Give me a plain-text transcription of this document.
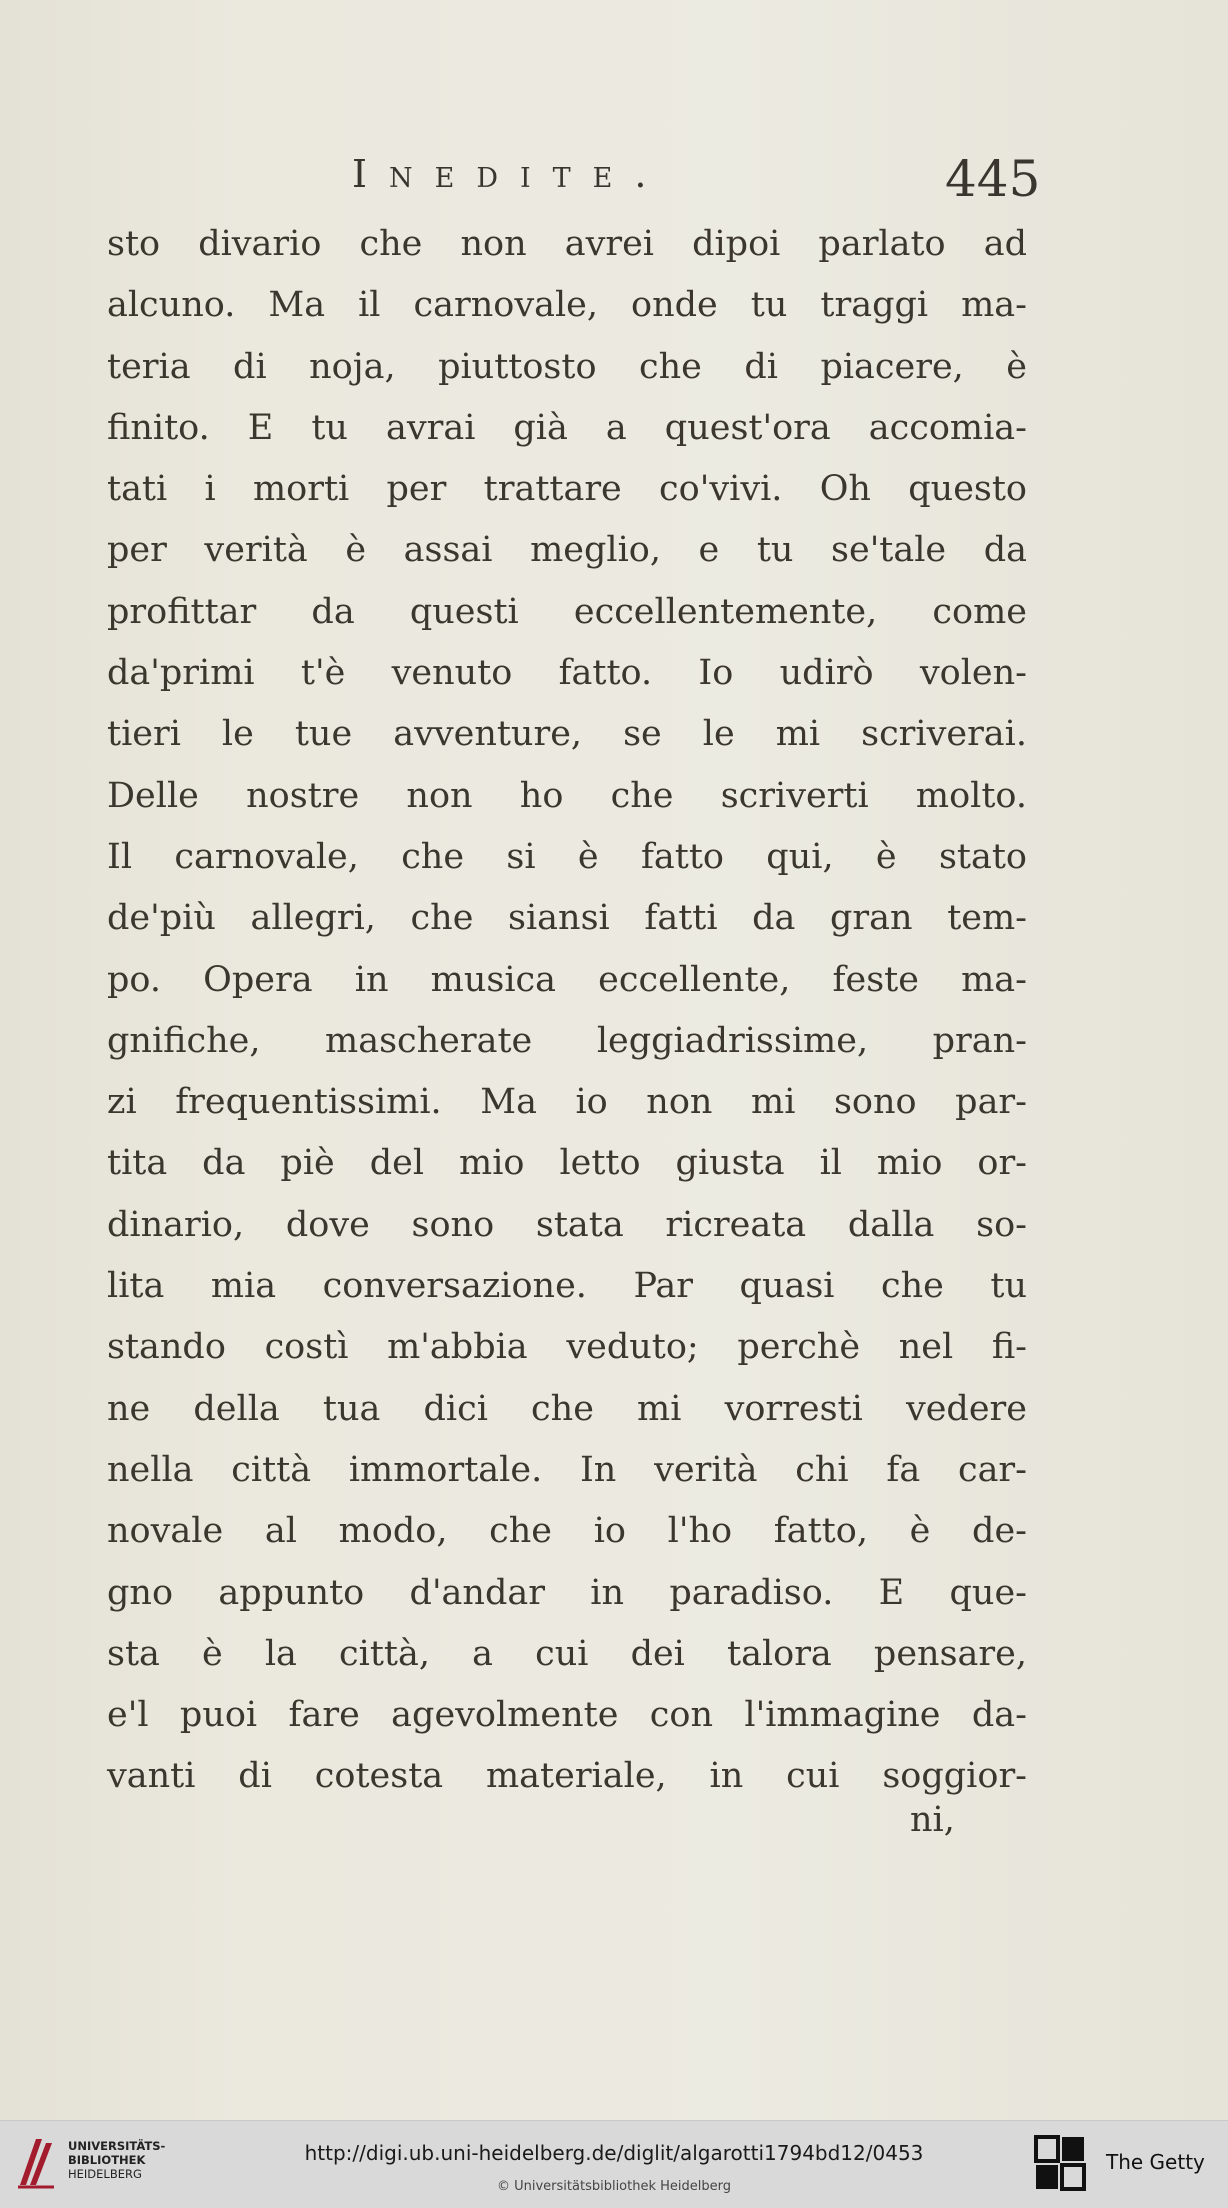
Inedite.	445
sto divario che non avrei dipoi parlato ad
alcuno. Ma il carnovale, onde tu traggi ma-
teria di noja, piuttosto che di piacere, è
finito. E tu avrai già a quest'ora accomia-
tati i morti per trattare co'vivi. Oh questo
per verità è assai meglio, e tu se'tale da
profittar da questi eccellentemente, come
da'primi t'è venuto fatto. Io udirò volen-
tieri le tue avventure, se le mi scriverai.
Delle nostre non ho che scriverti molto.
Il carnovale, che si è fatto qui, è stato
de'più allegri, che siansi fatti da gran tem-
po. Opera in musica eccellente, feste ma-
gnifiche, mascherate leggiadrissime, pran-
zi frequentissimi. Ma io non mi sono par-
tita da piè del mio letto giusta il mio or-
dinario, dove sono stata ricreata dalla so-
lita mia conversazione. Par quasi che tu
stando costì m'abbia veduto; perchè nel fi-
ne della tua dici che mi vorresti vedere
nella città immortale. In verità chi fa car-
novale al modo, che io l'ho fatto, è de-
gno appunto d'andar in paradiso. E que-
sta è la città, a cui dei talora pensare,
e'l puoi fare agevolmente con l'immagine da-
vanti di cotesta materiale, in cui soggior-
ni,
UNIVERSITÄTS-
BIBLIOTHEK
HEIDELBERG
http://digi.ub.uni-heidelberg.de/diglit/algarotti1794bd12/0453
© Universitätsbibliothek Heidelberg
The Getty
